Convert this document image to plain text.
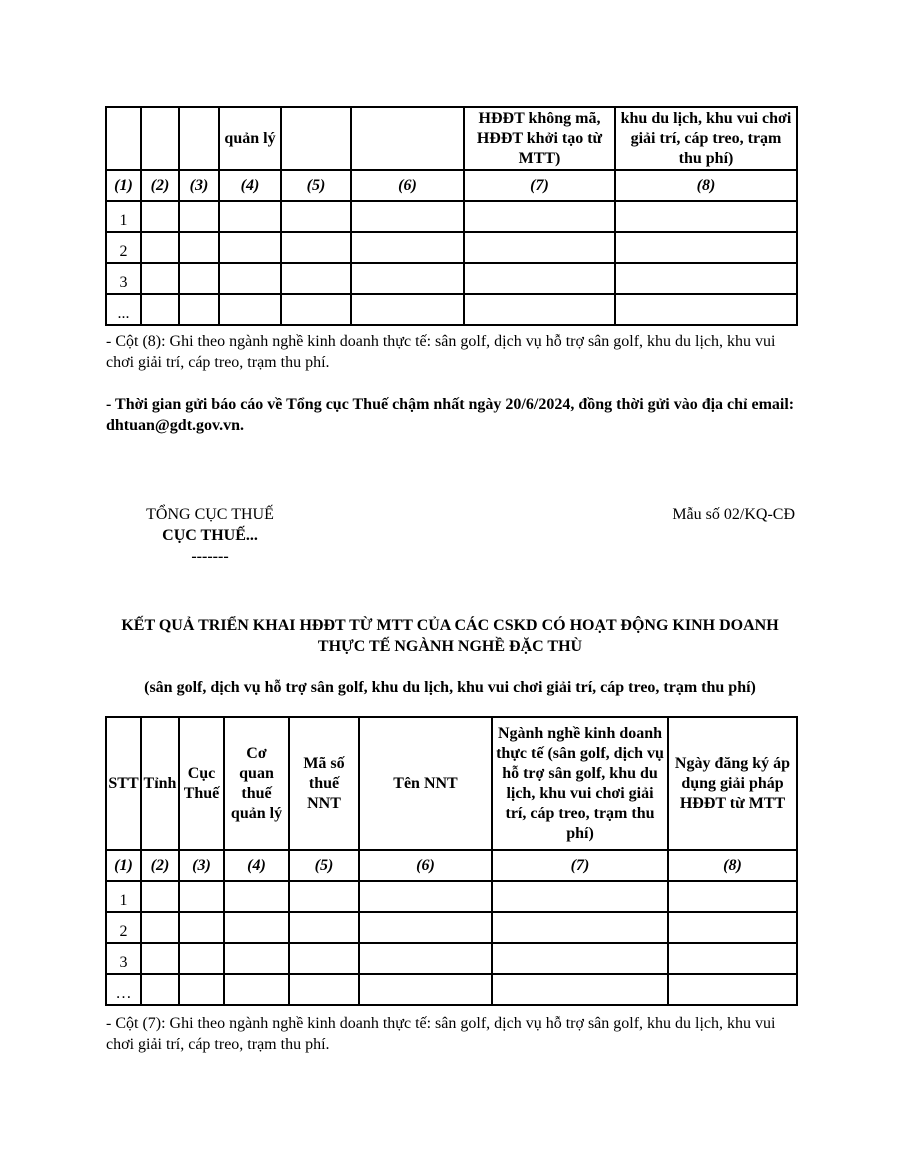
			quản lý			HĐĐT không mã, HĐĐT khởi tạo từ MTT)	khu du lịch, khu vui chơi giải trí, cáp treo, trạm thu phí)
(1)	(2)	(3)	(4)	(5)	(6)	(7)	(8)
1							
2							
3							
...							
- Cột (8): Ghi theo ngành nghề kinh doanh thực tế: sân golf, dịch vụ hỗ trợ sân golf, khu du lịch, khu vui chơi giải trí, cáp treo, trạm thu phí.
- Thời gian gửi báo cáo về Tổng cục Thuế chậm nhất ngày 20/6/2024, đồng thời gửi vào địa chỉ email: dhtuan@gdt.gov.vn.
TỔNG CỤC THUẾ
CỤC THUẾ...
-------
Mẫu số 02/KQ-CĐ
KẾT QUẢ TRIỂN KHAI HĐĐT TỪ MTT CỦA CÁC CSKD CÓ HOẠT ĐỘNG KINH DOANH THỰC TẾ NGÀNH NGHỀ ĐẶC THÙ
(sân golf, dịch vụ hỗ trợ sân golf, khu du lịch, khu vui chơi giải trí, cáp treo, trạm thu phí)
STT	Tỉnh	Cục Thuế	Cơ quan thuế quản lý	Mã số thuế NNT	Tên NNT	Ngành nghề kinh doanh thực tế (sân golf, dịch vụ hỗ trợ sân golf, khu du lịch, khu vui chơi giải trí, cáp treo, trạm thu phí)	Ngày đăng ký áp dụng giải pháp HĐĐT từ MTT
(1)	(2)	(3)	(4)	(5)	(6)	(7)	(8)
1							
2							
3							
…							
- Cột (7): Ghi theo ngành nghề kinh doanh thực tế: sân golf, dịch vụ hỗ trợ sân golf, khu du lịch, khu vui chơi giải trí, cáp treo, trạm thu phí.
